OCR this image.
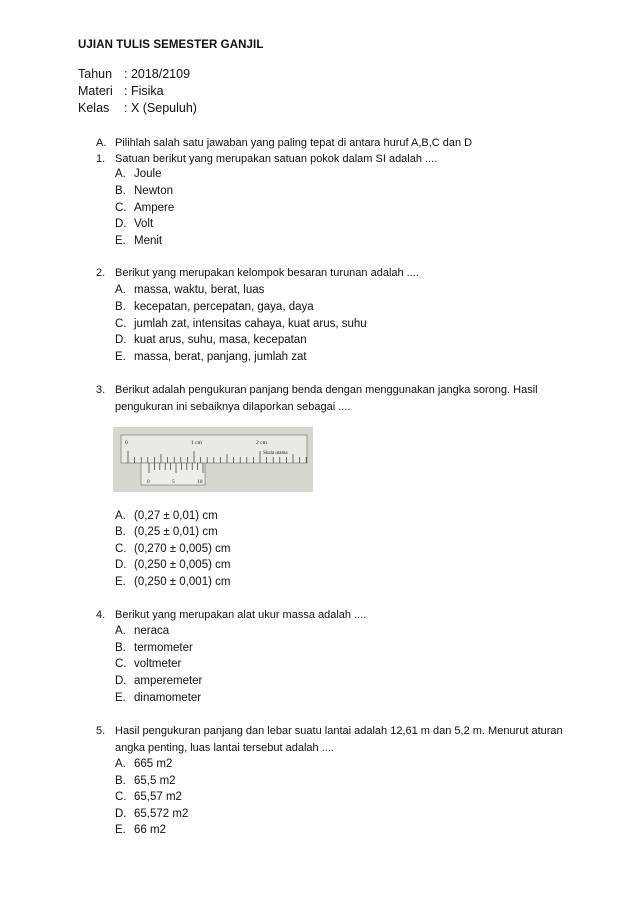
UJIAN TULIS SEMESTER GANJIL
Tahun : 2018/2109
Materi : Fisika
Kelas : X (Sepuluh)
A. Pilihlah salah satu jawaban yang paling tepat di antara huruf A,B,C dan D
1. Satuan berikut yang merupakan satuan pokok dalam SI adalah ....
A. Joule
B. Newton
C. Ampere
D. Volt
E. Menit
2. Berikut yang merupakan kelompok besaran turunan adalah ....
A. massa, waktu, berat, luas
B. kecepatan, percepatan, gaya, daya
C. jumlah zat, intensitas cahaya, kuat arus, suhu
D. kuat arus, suhu, masa, kecepatan
E. massa, berat, panjang, jumlah zat
3. Berikut adalah pengukuran panjang benda dengan menggunakan jangka sorong. Hasil pengukuran ini sebaiknya dilaporkan sebagai ....
0	1 cm	2 cm
Skala utama
0	5	10
A. (0,27 ± 0,01) cm
B. (0,25 ± 0,01) cm
C. (0,270 ± 0,005) cm
D. (0,250 ± 0,005) cm
E. (0,250 ± 0,001) cm
4. Berikut yang merupakan alat ukur massa adalah ....
A. neraca
B. termometer
C. voltmeter
D. amperemeter
E. dinamometer
5. Hasil pengukuran panjang dan lebar suatu lantai adalah 12,61 m dan 5,2 m. Menurut aturan angka penting, luas lantai tersebut adalah ....
A. 665 m2
B. 65,5 m2
C. 65,57 m2
D. 65,572 m2
E. 66 m2
